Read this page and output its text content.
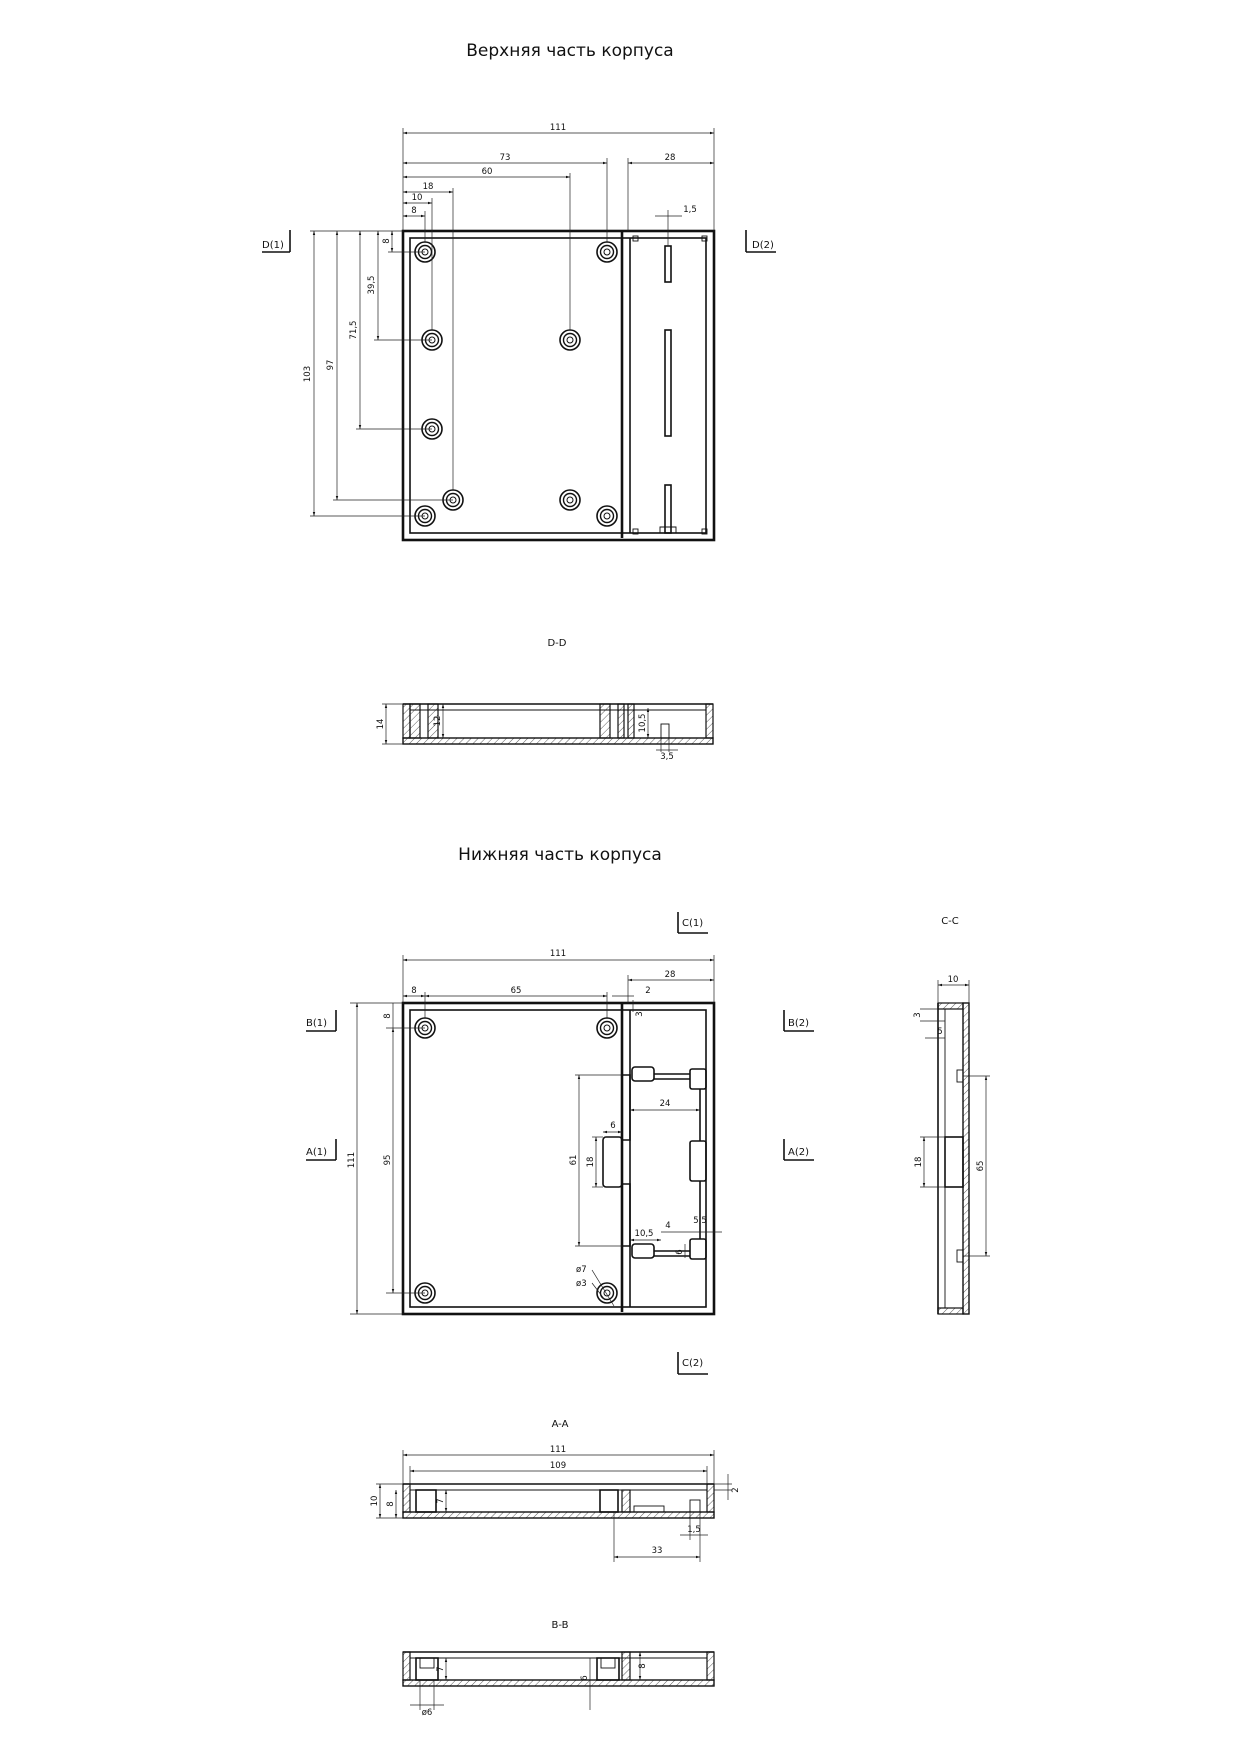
Верхняя часть корпуса
111
73
60
28
18
10
8	1,5
103
97
71,5
39,5
8
D(1)	D(2)
D-D
14	12	10,5
3,5
Нижняя часть корпуса
111
8	65
28
2
3
111	95
8
61 18
6
24
10,5
4	5,5
6
ø7
ø3
C(1)
C(2)
B(1)	B(2)
A(1)	A(2)
C-C
10
3
5
18	65
A-A
111
109
10 8
7
2
1,5
33
B-B
7
6
8
ø6
